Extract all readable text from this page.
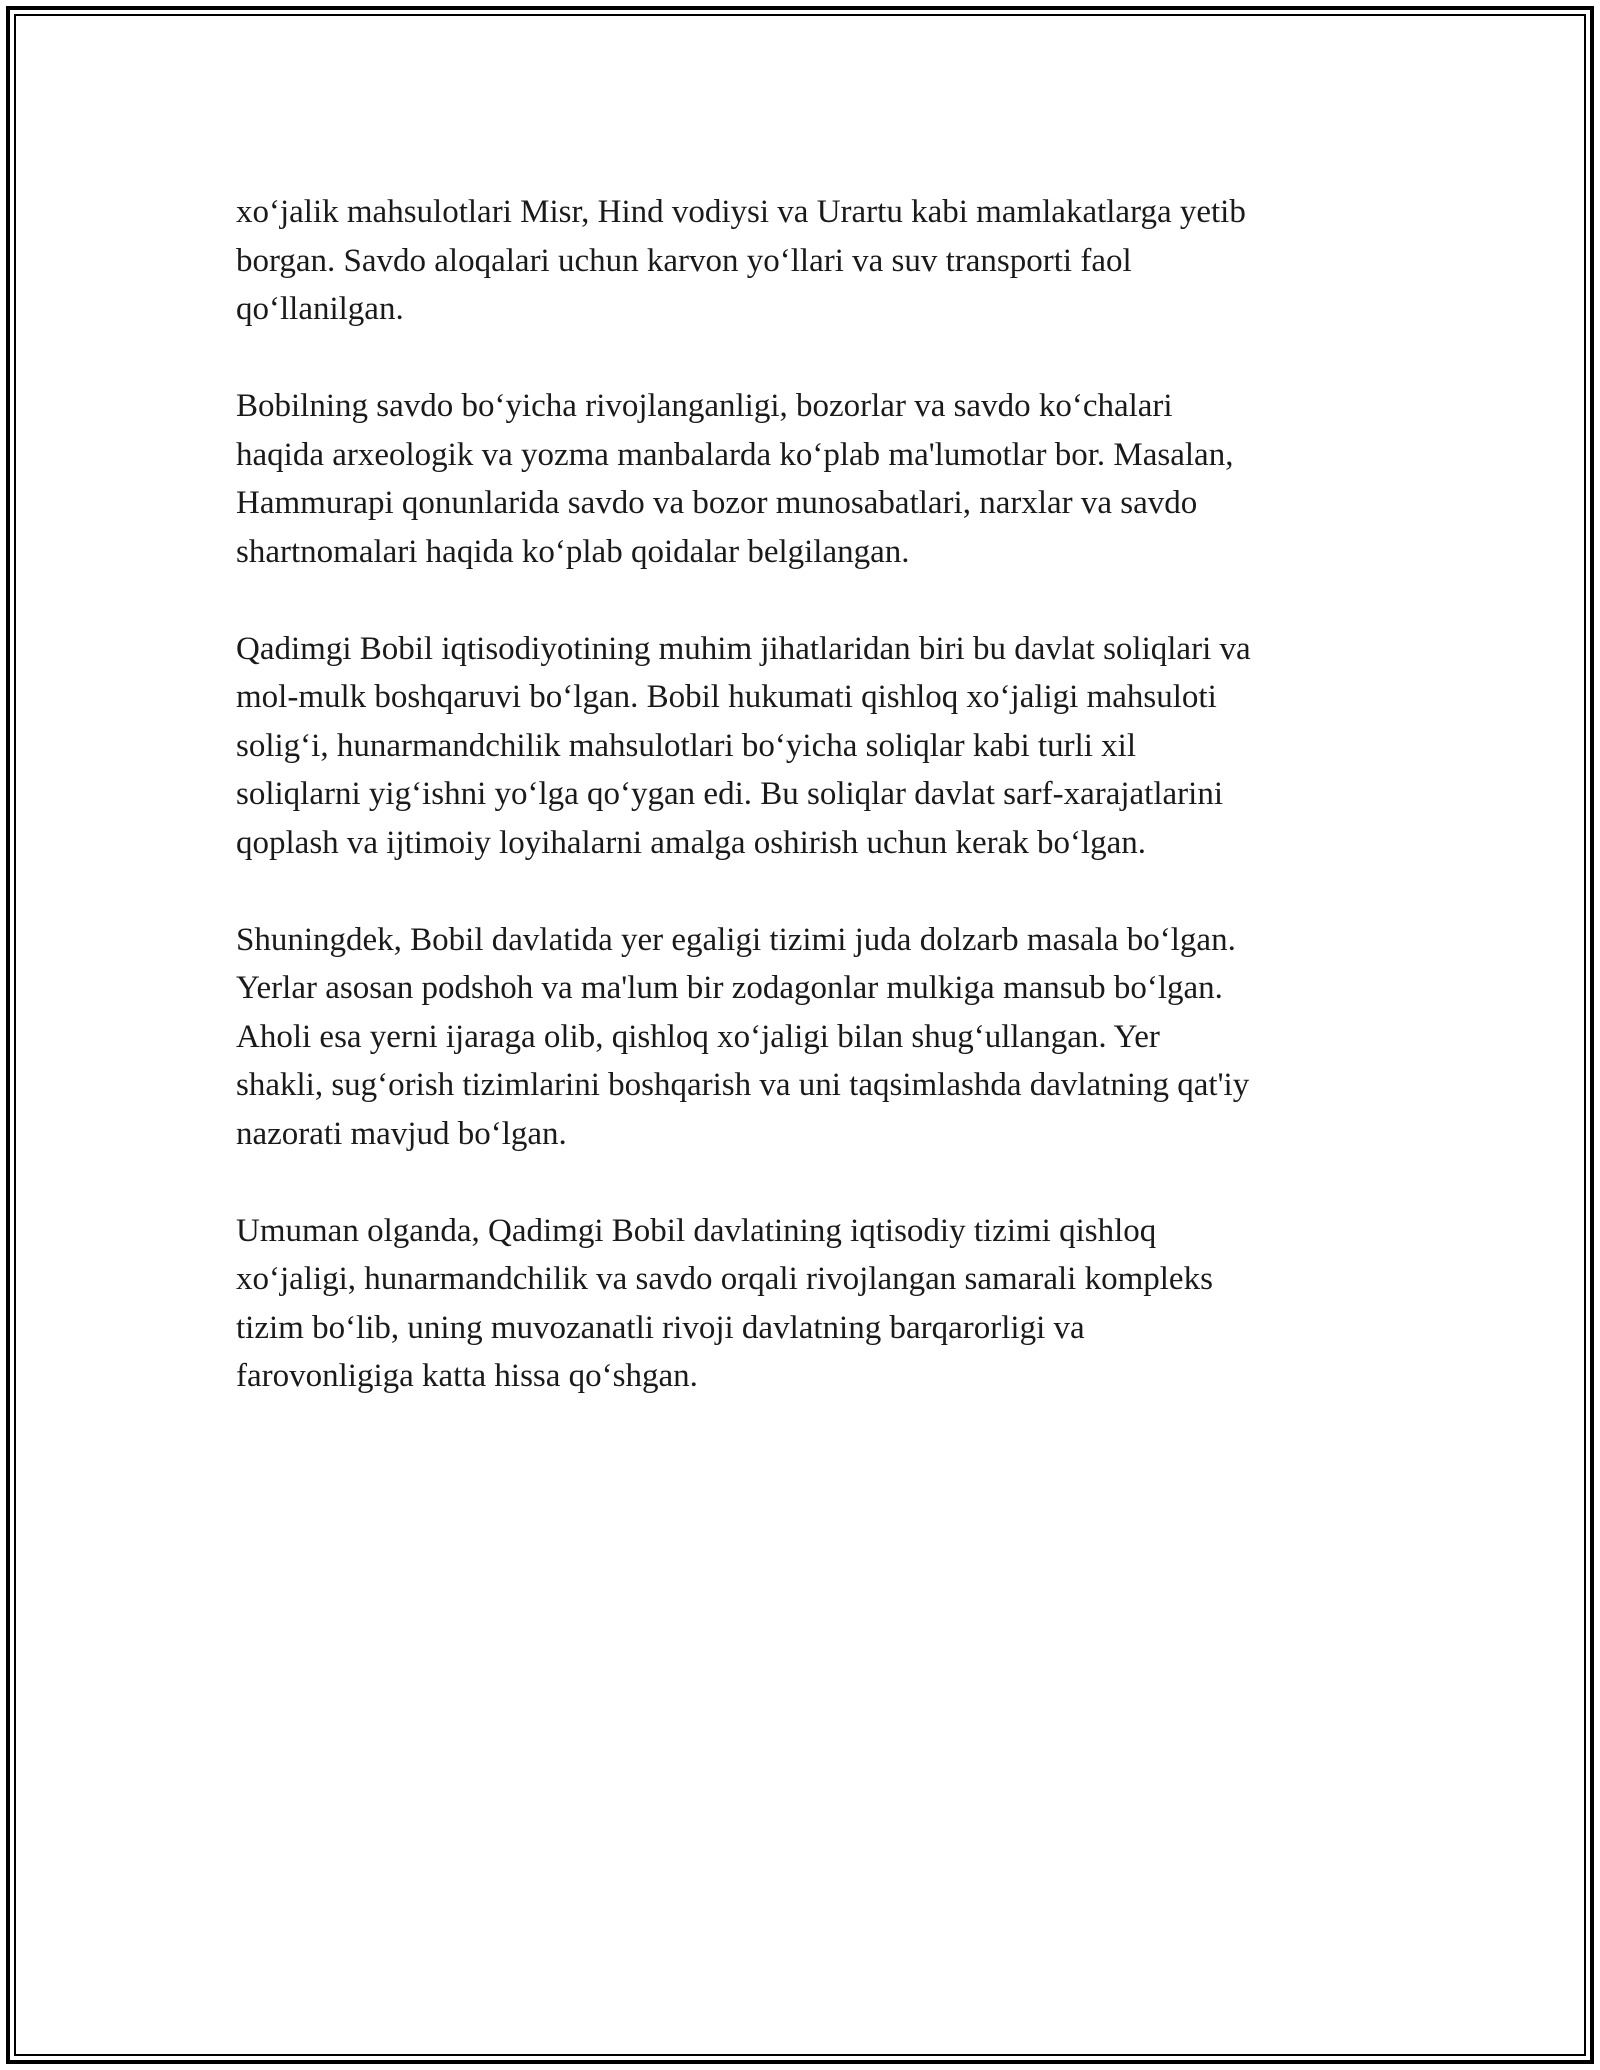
xo‘jalik mahsulotlari Misr, Hind vodiysi va Urartu kabi mamlakatlarga yetib
borgan. Savdo aloqalari uchun karvon yo‘llari va suv transporti faol
qo‘llanilgan.

Bobilning savdo bo‘yicha rivojlanganligi, bozorlar va savdo ko‘chalari
haqida arxeologik va yozma manbalarda ko‘plab ma'lumotlar bor. Masalan,
Hammurapi qonunlarida savdo va bozor munosabatlari, narxlar va savdo
shartnomalari haqida ko‘plab qoidalar belgilangan.

Qadimgi Bobil iqtisodiyotining muhim jihatlaridan biri bu davlat soliqlari va
mol-mulk boshqaruvi bo‘lgan. Bobil hukumati qishloq xo‘jaligi mahsuloti
solig‘i, hunarmandchilik mahsulotlari bo‘yicha soliqlar kabi turli xil
soliqlarni yig‘ishni yo‘lga qo‘ygan edi. Bu soliqlar davlat sarf-xarajatlarini
qoplash va ijtimoiy loyihalarni amalga oshirish uchun kerak bo‘lgan.

Shuningdek, Bobil davlatida yer egaligi tizimi juda dolzarb masala bo‘lgan.
Yerlar asosan podshoh va ma'lum bir zodagonlar mulkiga mansub bo‘lgan.
Aholi esa yerni ijaraga olib, qishloq xo‘jaligi bilan shug‘ullangan. Yer
shakli, sug‘orish tizimlarini boshqarish va uni taqsimlashda davlatning qat'iy
nazorati mavjud bo‘lgan.

Umuman olganda, Qadimgi Bobil davlatining iqtisodiy tizimi qishloq
xo‘jaligi, hunarmandchilik va savdo orqali rivojlangan samarali kompleks
tizim bo‘lib, uning muvozanatli rivoji davlatning barqarorligi va
farovonligiga katta hissa qo‘shgan.
